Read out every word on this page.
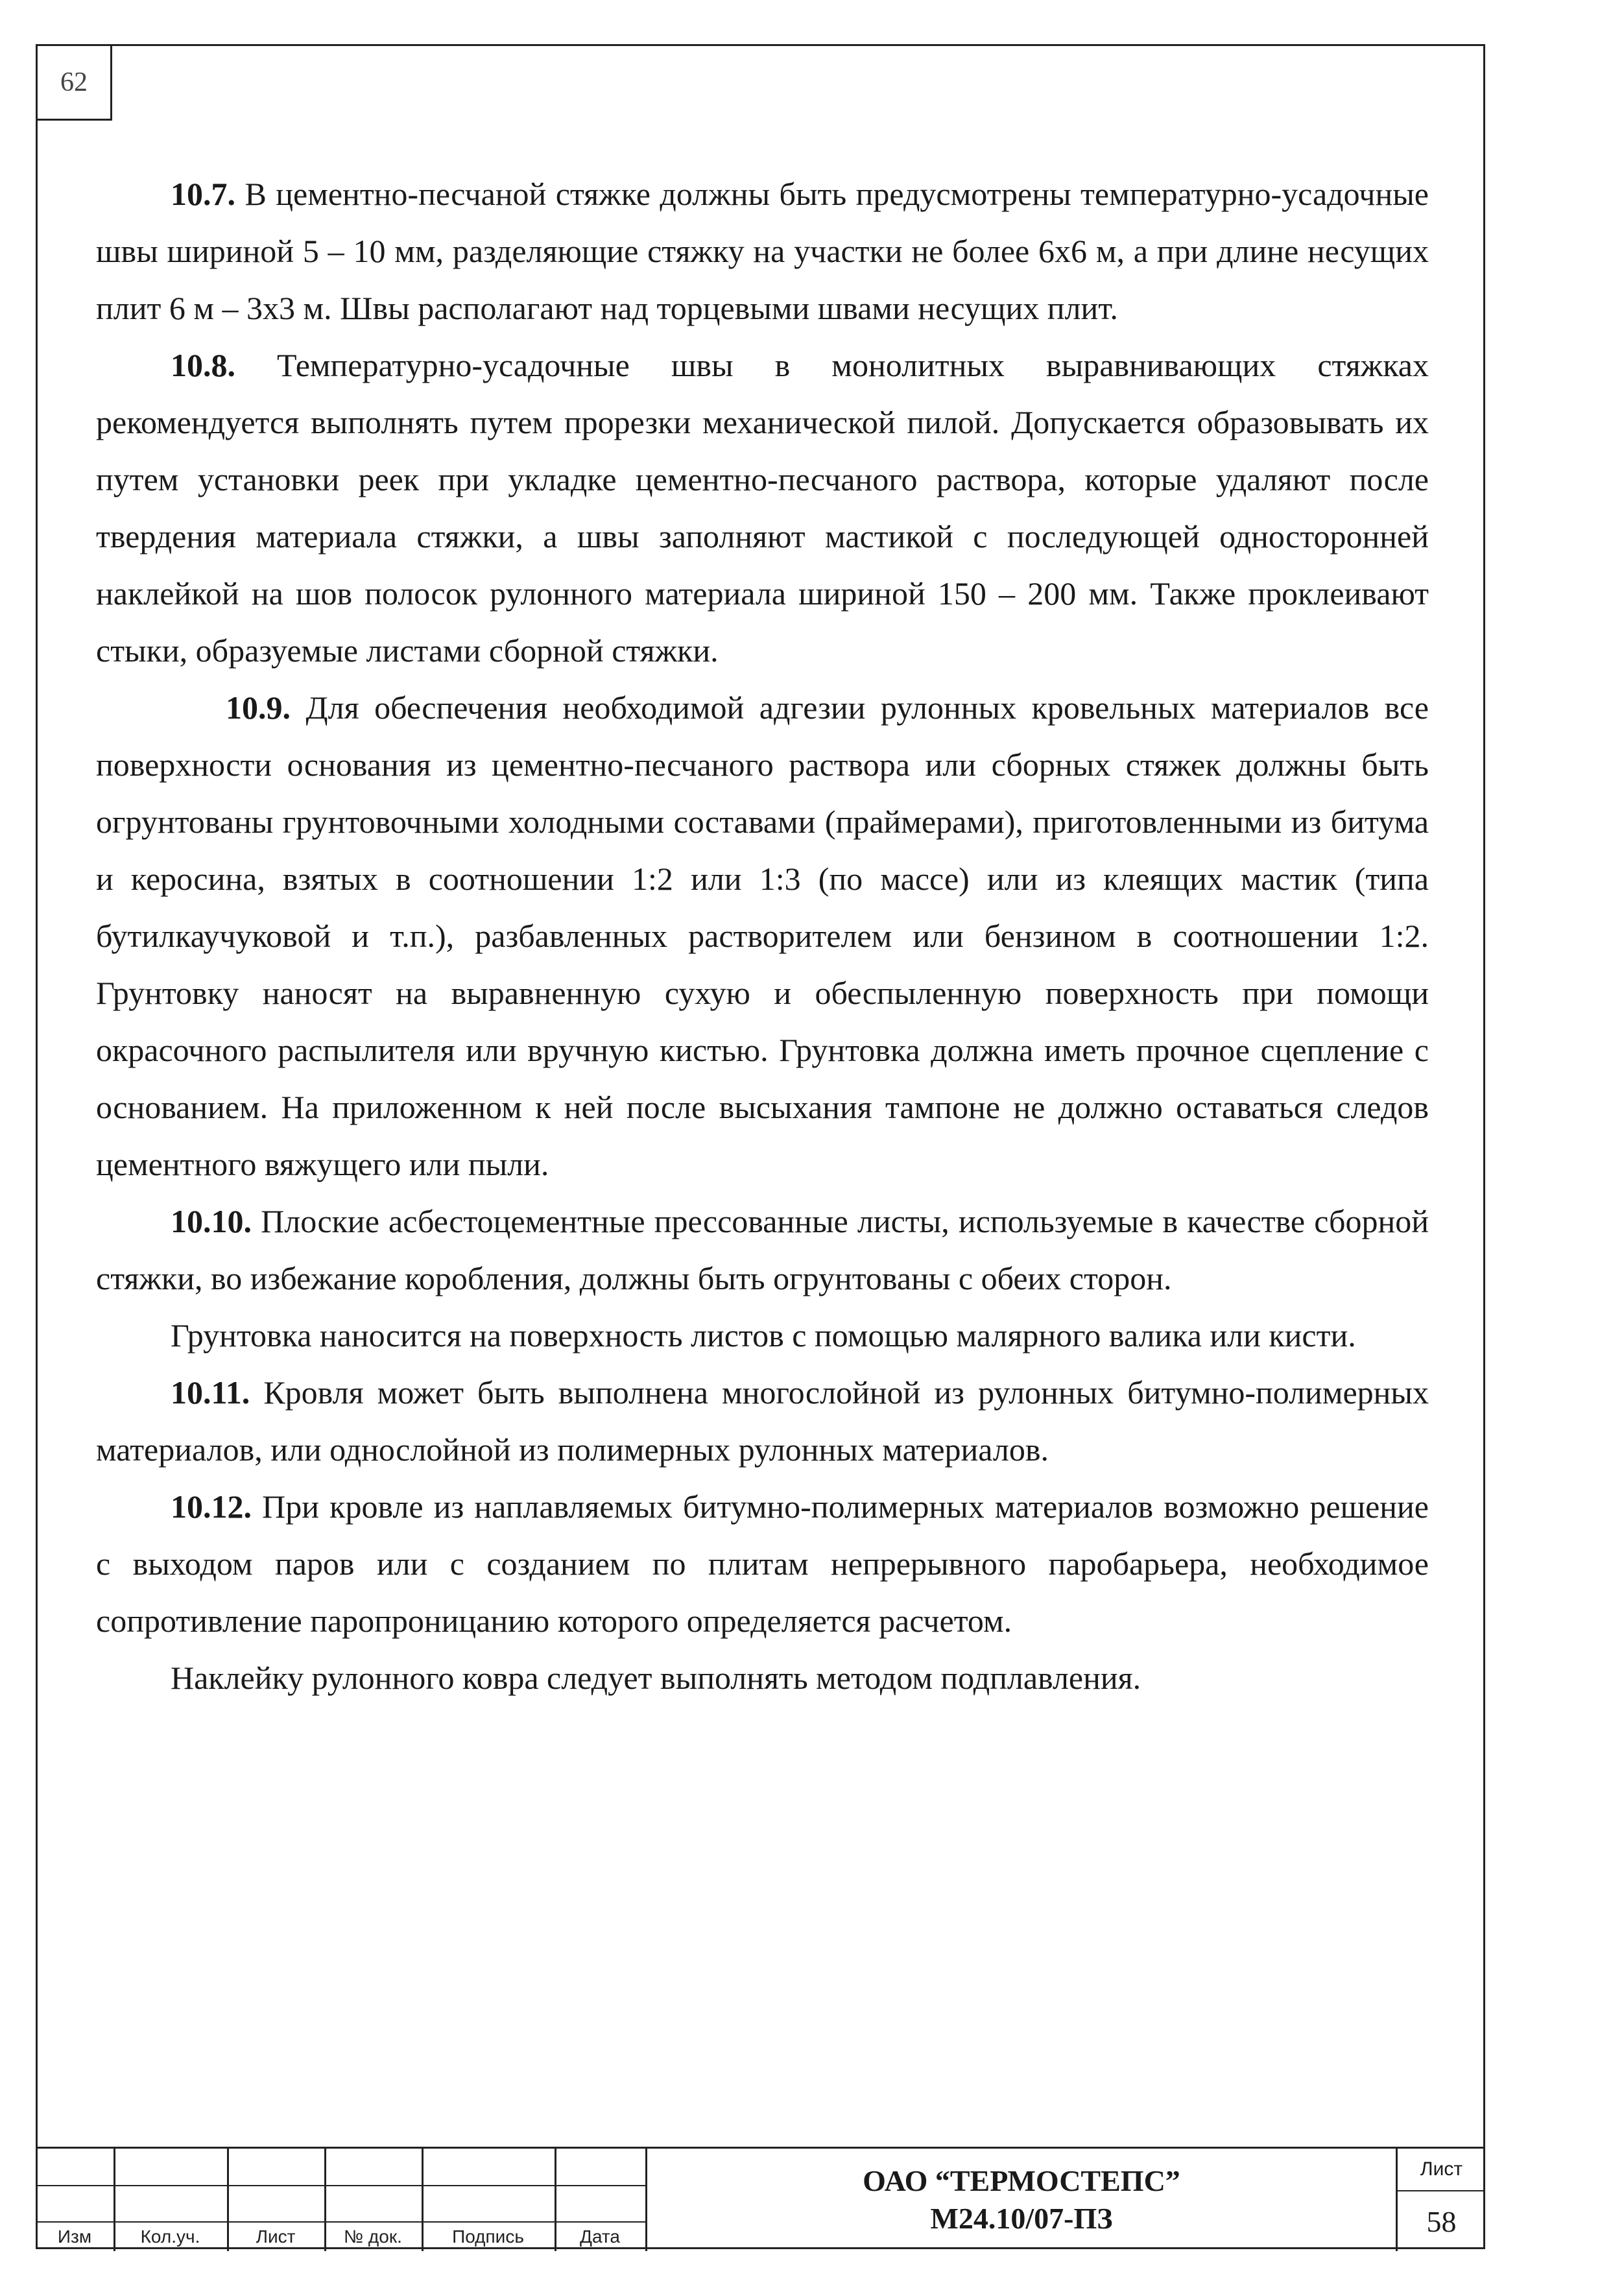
62

10.7. В цементно-песчаной стяжке должны быть предусмотрены температурно-усадочные швы шириной 5 – 10 мм, разделяющие стяжку на участки не более 6х6 м, а при длине несущих плит 6 м – 3х3 м. Швы располагают над торцевыми швами несущих плит.

10.8. Температурно-усадочные швы в монолитных выравнивающих стяжках рекомендуется выполнять путем прорезки механической пилой. Допускается образовывать их путем установки реек при укладке цементно-песчаного раствора, которые удаляют после твердения материала стяжки, а швы заполняют мастикой с последующей односторонней наклейкой на шов полосок рулонного материала шириной 150 – 200 мм. Также проклеивают стыки, образуемые листами сборной стяжки.

10.9. Для обеспечения необходимой адгезии рулонных кровельных материалов все поверхности основания из цементно-песчаного раствора или сборных стяжек должны быть огрунтованы грунтовочными холодными составами (праймерами), приготовленными из битума и керосина, взятых в соотношении 1:2 или 1:3 (по массе) или из клеящих мастик (типа бутилкаучуковой и т.п.), разбавленных растворителем или бензином в соотношении 1:2. Грунтовку наносят на выравненную сухую и обеспыленную поверхность при помощи окрасочного распылителя или вручную кистью. Грунтовка должна иметь прочное сцепление с основанием. На приложенном к ней после высыхания тампоне не должно оставаться следов цементного вяжущего или пыли.

10.10. Плоские асбестоцементные прессованные листы, используемые в качестве сборной стяжки, во избежание коробления, должны быть огрунтованы с обеих сторон.

Грунтовка наносится на поверхность листов с помощью малярного валика или кисти.

10.11. Кровля может быть выполнена многослойной из рулонных битумно-полимерных материалов, или однослойной из полимерных рулонных материалов.

10.12. При кровле из наплавляемых битумно-полимерных материалов возможно решение с выходом паров или с созданием по плитам непрерывного паробарьера, необходимое сопротивление паропроницанию которого определяется расчетом.

Наклейку рулонного ковра следует выполнять методом подплавления.

Изм	Кол.уч.	Лист	№ док.	Подпись	Дата
ОАО “ТЕРМОСТЕПС”
М24.10/07-ПЗ
Лист
58
